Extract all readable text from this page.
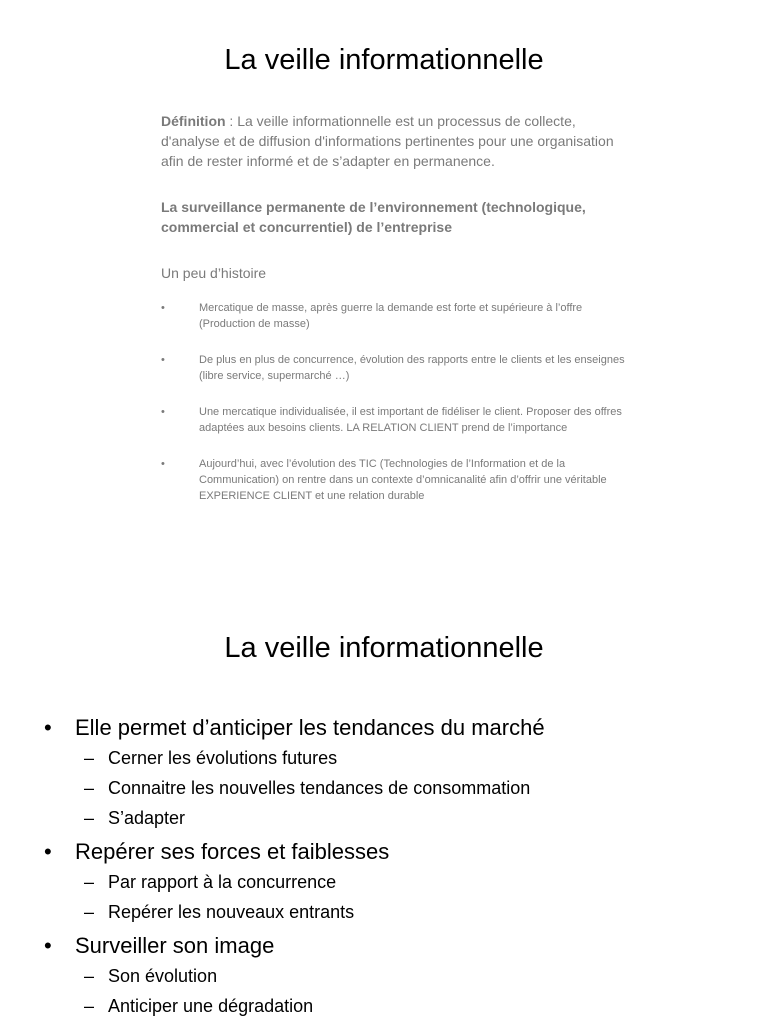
La veille informationnelle

Définition : La veille informationnelle est un processus de collecte, d'analyse et de diffusion d'informations pertinentes pour une organisation afin de rester informé et de s’adapter en permanence.

La surveillance permanente de l’environnement (technologique, commercial et concurrentiel) de l’entreprise

Un peu d’histoire

•	Mercatique de masse, après guerre la demande est forte et supérieure à l’offre (Production de masse)
•	De plus en plus de concurrence, évolution des rapports entre le clients et les enseignes (libre service, supermarché …)
•	Une mercatique individualisée, il est important de fidéliser le client. Proposer des offres adaptées aux besoins clients. LA RELATION CLIENT prend de l’importance
•	Aujourd’hui, avec l’évolution des TIC (Technologies de l’Information et de la Communication) on rentre dans un contexte d’omnicanalité afin d’offrir une véritable EXPERIENCE CLIENT et une relation durable
La veille informationnelle
• Elle permet d’anticiper les tendances du marché
– Cerner les évolutions futures
– Connaitre les nouvelles tendances de consommation
– S’adapter
• Repérer ses forces et faiblesses
– Par rapport à la concurrence
– Repérer les nouveaux entrants
• Surveiller son image
– Son évolution
– Anticiper une dégradation
